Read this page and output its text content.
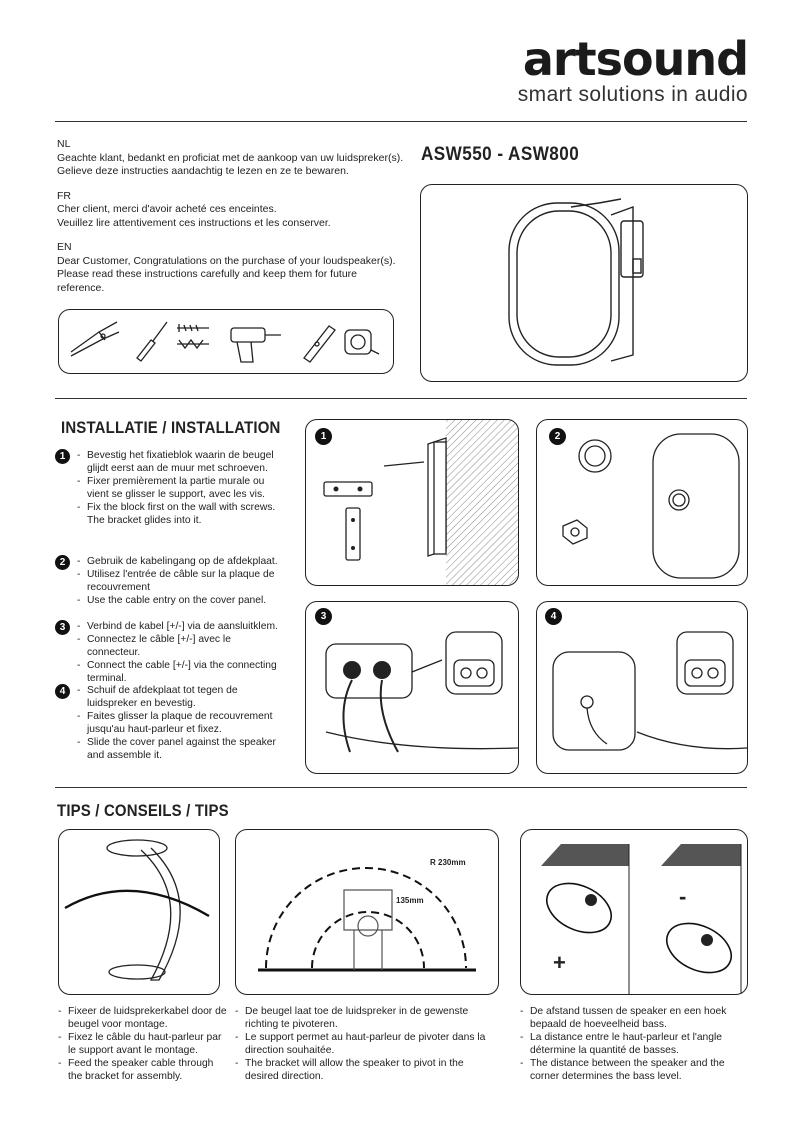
artsound
smart solutions in audio

NL
Geachte klant, bedankt en proficiat met de aankoop van uw luidspreker(s).
Gelieve deze instructies aandachtig te lezen en ze te bewaren.

FR
Cher client, merci d'avoir acheté ces enceintes.
Veuillez lire attentivement ces instructions et les conserver.

EN
Dear Customer, Congratulations on the purchase of your loudspeaker(s).
Please read these instructions carefully and keep them for future reference.

ASW550 - ASW800
INSTALLATIE / INSTALLATION
1	- Bevestig het fixatieblok waarin de beugel glijdt eerst aan de muur met schroeven.
- Fixer premièrement la partie murale ou vient se glisser le support, avec les vis.
- Fix the block first on the wall with screws. The bracket glides into it.
2	- Gebruik de kabelingang op de afdekplaat.
- Utilisez l'entrée de câble sur la plaque de recouvrement
- Use the cable entry on the cover panel.
3	- Verbind de kabel [+/-] via de aansluitklem.
- Connectez le câble [+/-] avec le connecteur.
- Connect the cable [+/-] via the connecting terminal.
4	- Schuif de afdekplaat tot tegen de luidspreker en bevestig.
- Faites glisser la plaque de recouvrement jusqu'au haut-parleur et fixez.
- Slide the cover panel against the speaker and assemble it.
1	2
3	4
TIPS / CONSEILS / TIPS
R 230mm
135mm
+
-
- Fixeer de luidsprekerkabel door de beugel voor montage.
- Fixez le câble du haut-parleur par le support avant le montage.
- Feed the speaker cable through the bracket for assembly.
- De beugel laat toe de luidspreker in de gewenste richting te pivoteren.
- Le support permet au haut-parleur de pivoter dans la direction souhaitée.
- The bracket will allow the speaker to pivot in the desired direction.
- De afstand tussen de speaker en een hoek bepaald de hoeveelheid bass.
- La distance entre le haut-parleur et l'angle détermine la quantité de basses.
- The distance between the speaker and the corner determines the bass level.
